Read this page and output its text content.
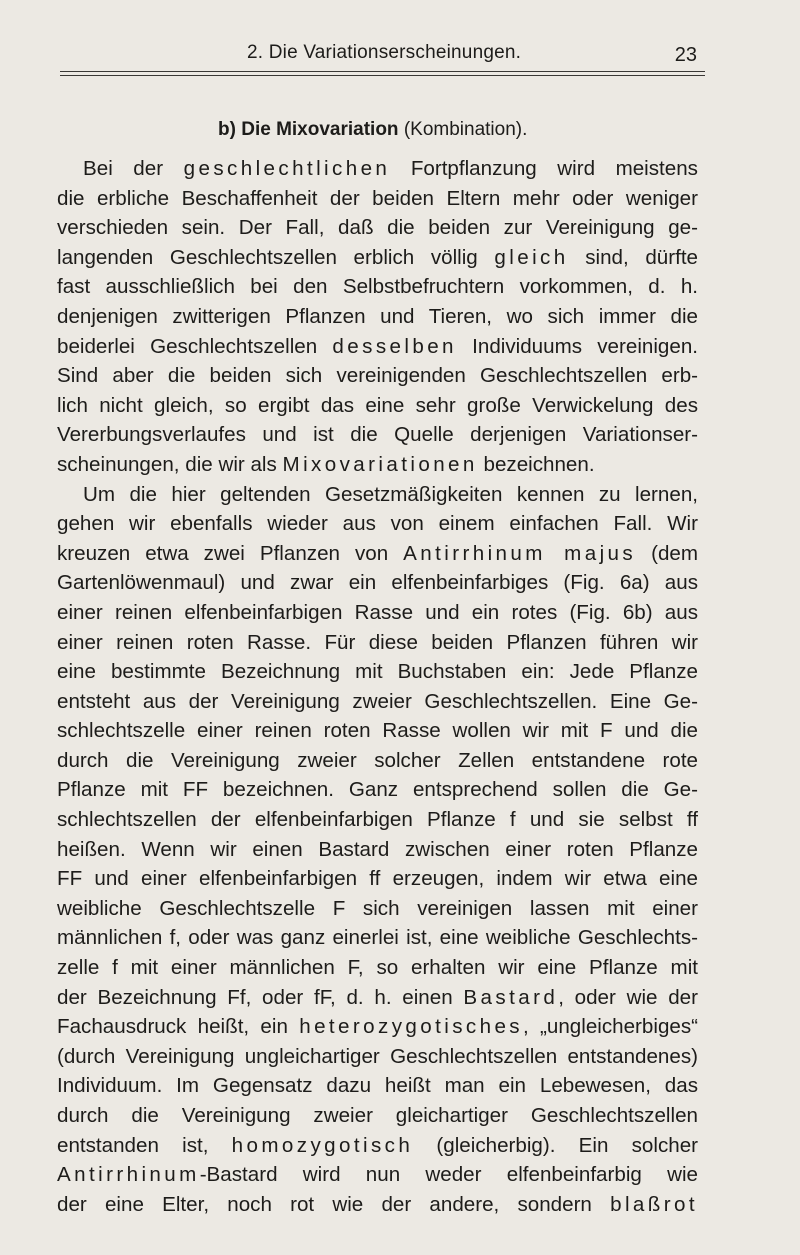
2. Die Variationserscheinungen.	23
b) Die Mixovariation (Kombination).
Bei der geschlechtlichen Fortpflanzung wird meistens
die erbliche Beschaffenheit der beiden Eltern mehr oder weniger
verschieden sein. Der Fall, daß die beiden zur Vereinigung ge-
langenden Geschlechtszellen erblich völlig gleich sind, dürfte
fast ausschließlich bei den Selbstbefruchtern vorkommen, d. h.
denjenigen zwitterigen Pflanzen und Tieren, wo sich immer die
beiderlei Geschlechtszellen desselben Individuums vereinigen.
Sind aber die beiden sich vereinigenden Geschlechtszellen erb-
lich nicht gleich, so ergibt das eine sehr große Verwickelung des
Vererbungsverlaufes und ist die Quelle derjenigen Variationser-
scheinungen, die wir als Mixovariationen bezeichnen.
Um die hier geltenden Gesetzmäßigkeiten kennen zu lernen,
gehen wir ebenfalls wieder aus von einem einfachen Fall. Wir
kreuzen etwa zwei Pflanzen von Antirrhinum majus (dem
Gartenlöwenmaul) und zwar ein elfenbeinfarbiges (Fig. 6a) aus
einer reinen elfenbeinfarbigen Rasse und ein rotes (Fig. 6b) aus
einer reinen roten Rasse. Für diese beiden Pflanzen führen wir
eine bestimmte Bezeichnung mit Buchstaben ein: Jede Pflanze
entsteht aus der Vereinigung zweier Geschlechtszellen. Eine Ge-
schlechtszelle einer reinen roten Rasse wollen wir mit F und die
durch die Vereinigung zweier solcher Zellen entstandene rote
Pflanze mit FF bezeichnen. Ganz entsprechend sollen die Ge-
schlechtszellen der elfenbeinfarbigen Pflanze f und sie selbst ff
heißen. Wenn wir einen Bastard zwischen einer roten Pflanze
FF und einer elfenbeinfarbigen ff erzeugen, indem wir etwa eine
weibliche Geschlechtszelle F sich vereinigen lassen mit einer
männlichen f, oder was ganz einerlei ist, eine weibliche Geschlechts-
zelle f mit einer männlichen F, so erhalten wir eine Pflanze mit
der Bezeichnung Ff, oder fF, d. h. einen Bastard, oder wie der
Fachausdruck heißt, ein heterozygotisches, „ungleicherbiges“
(durch Vereinigung ungleichartiger Geschlechtszellen entstandenes)
Individuum. Im Gegensatz dazu heißt man ein Lebewesen, das
durch die Vereinigung zweier gleichartiger Geschlechtszellen
entstanden ist, homozygotisch (gleicherbig). Ein solcher
Antirrhinum-Bastard wird nun weder elfenbeinfarbig wie
der eine Elter, noch rot wie der andere, sondern blaßrot
